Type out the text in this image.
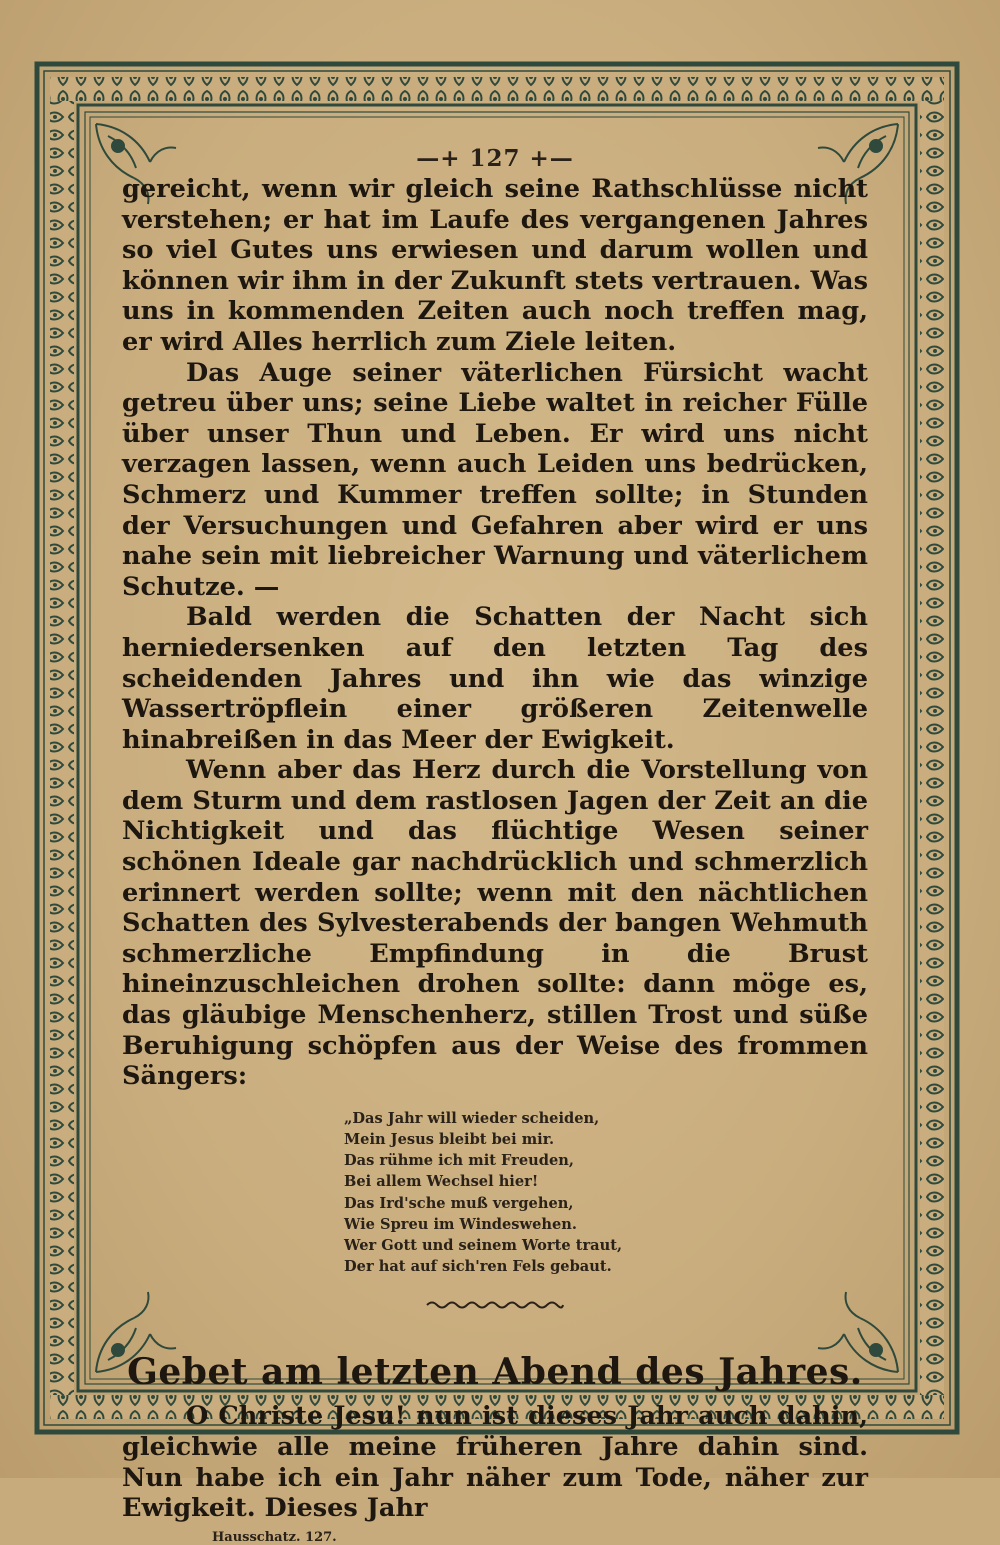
—+ 127 +—

gereicht, wenn wir gleich seine Rathschlüsse nicht verstehen; er hat im Laufe des vergangenen Jahres so viel Gutes uns erwiesen und darum wollen und können wir ihm in der Zukunft stets vertrauen. Was uns in kommenden Zeiten auch noch treffen mag, er wird Alles herrlich zum Ziele leiten.

Das Auge seiner väterlichen Fürsicht wacht getreu über uns; seine Liebe waltet in reicher Fülle über unser Thun und Leben. Er wird uns nicht verzagen lassen, wenn auch Leiden uns bedrücken, Schmerz und Kummer treffen sollte; in Stunden der Versuchungen und Gefahren aber wird er uns nahe sein mit liebreicher Warnung und väterlichem Schutze. —

Bald werden die Schatten der Nacht sich herniedersenken auf den letzten Tag des scheidenden Jahres und ihn wie das winzige Wassertröpflein einer größeren Zeitenwelle hinabreißen in das Meer der Ewigkeit.

Wenn aber das Herz durch die Vorstellung von dem Sturm und dem rastlosen Jagen der Zeit an die Nichtigkeit und das flüchtige Wesen seiner schönen Ideale gar nachdrücklich und schmerzlich erinnert werden sollte; wenn mit den nächtlichen Schatten des Sylvesterabends der bangen Wehmuth schmerzliche Empfindung in die Brust hineinzuschleichen drohen sollte: dann möge es, das gläubige Menschenherz, stillen Trost und süße Beruhigung schöpfen aus der Weise des frommen Sängers:

„Das Jahr will wieder scheiden,
Mein Jesus bleibt bei mir.
Das rühme ich mit Freuden,
Bei allem Wechsel hier!
Das Ird'sche muß vergehen,
Wie Spreu im Windeswehen.
Wer Gott und seinem Worte traut,
Der hat auf sich'ren Fels gebaut.
Gebet am letzten Abend des Jahres.

O Christe Jesu! nun ist dieses Jahr auch dahin, gleichwie alle meine früheren Jahre dahin sind. Nun habe ich ein Jahr näher zum Tode, näher zur Ewigkeit. Dieses Jahr

Hausschatz. 127.
